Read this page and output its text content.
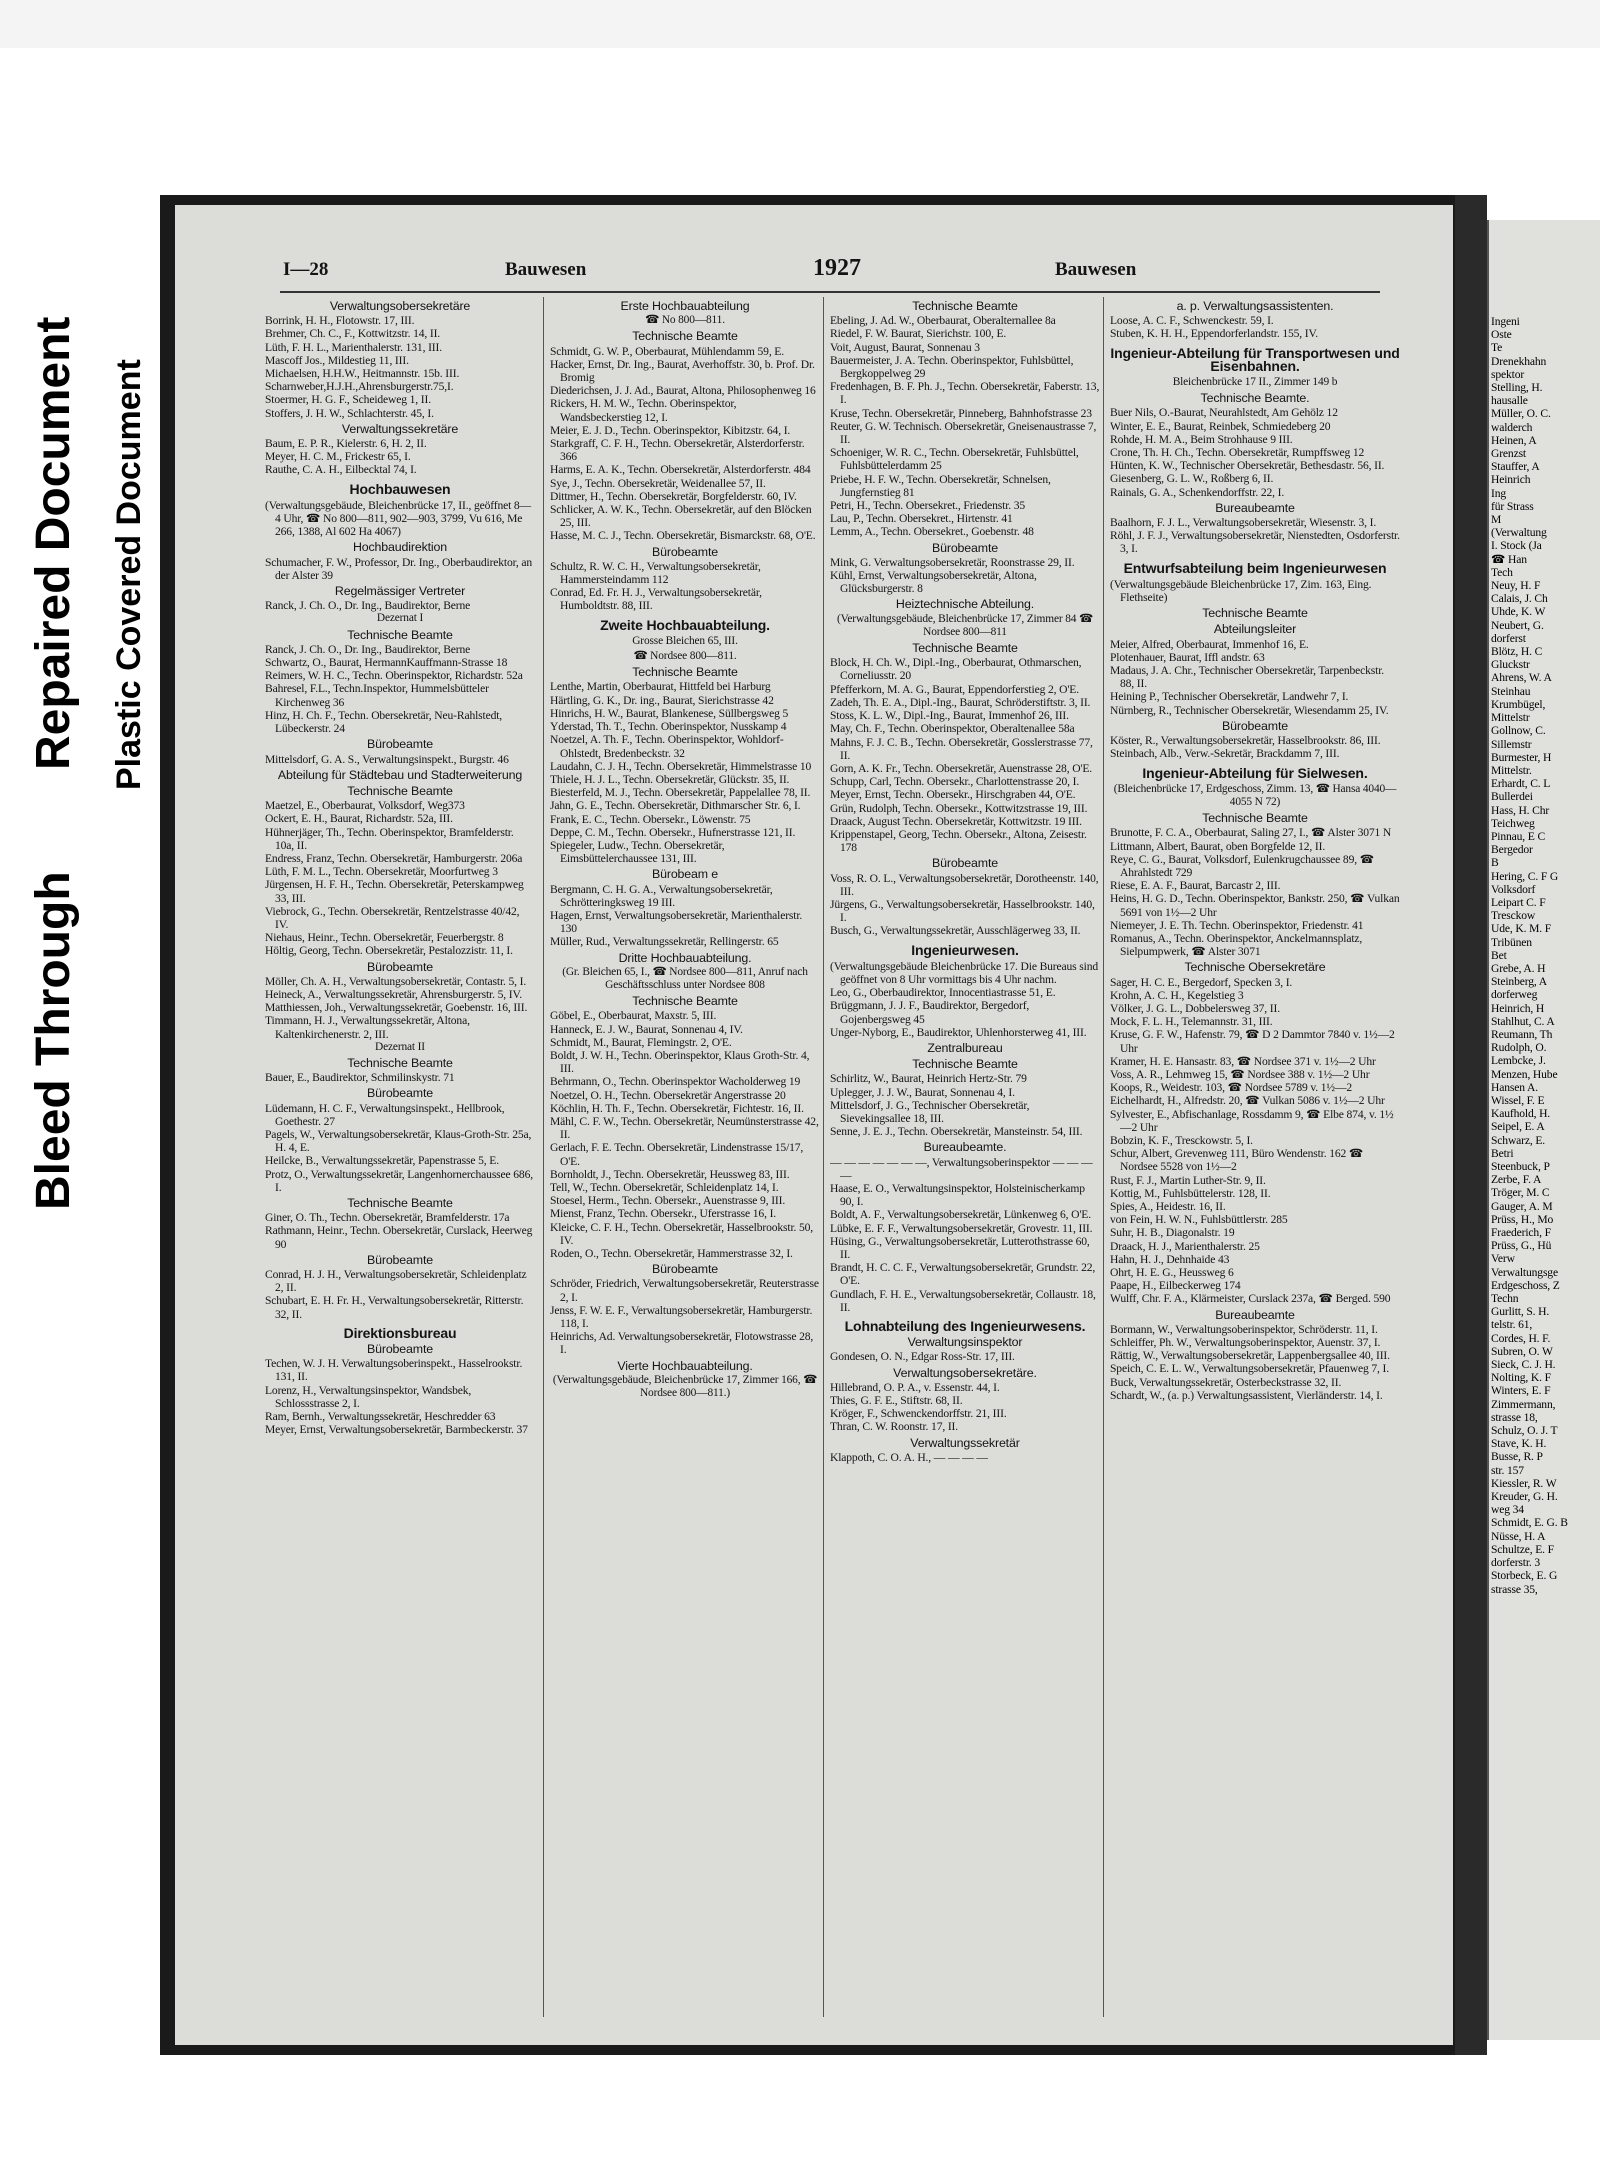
Bleed Through
Repaired Document Plastic Covered Document
I—28	Bauwesen	1927	Bauwesen
Verwaltungsobersekretäre
Borrink, H. H., Flotowstr. 17, III.
Brehmer, Ch. C., F., Kottwitzstr. 14, II.
Lüth, F. H. L., Marienthalerstr. 131, III.
Mascoff Jos., Mildestieg 11, III.
Michaelsen, H.H.W., Heitmannstr. 15b. III.
Scharnweber,H.J.H.,Ahrensburgerstr.75,I.
Stoermer, H. G. F., Scheideweg 1, II.
Stoffers, J. H. W., Schlachterstr. 45, I.
Verwaltungssekretäre
Baum, E. P. R., Kielerstr. 6, H. 2, II.
Meyer, H. C. M., Frickestr 65, I.
Rauthe, C. A. H., Eilbecktal 74, I.
Hochbauwesen
(Verwaltungsgebäude, Bleichenbrücke 17, II., geöffnet 8—4 Uhr, ☎ No 800—811, 902—903, 3799, Vu 616, Me 266, 1388, Al 602 Ha 4067)
Hochbaudirektion
Schumacher, F. W., Professor, Dr. Ing., Oberbaudirektor, an der Alster 39
Regelmässiger Vertreter
Ranck, J. Ch. O., Dr. Ing., Baudirektor, Berne
Dezernat I
Technische Beamte
Ranck, J. Ch. O., Dr. Ing., Baudirektor, Berne
Schwartz, O., Baurat, HermannKauffmann-Strasse 18
Reimers, W. H. C., Techn. Oberinspektor, Richardstr. 52a
Bahresel, F.L., Techn.Inspektor, Hummelsbütteler Kirchenweg 36
Hinz, H. Ch. F., Techn. Obersekretär, Neu-Rahlstedt, Lübeckerstr. 24
Bürobeamte
Mittelsdorf, G. A. S., Verwaltungsinspekt., Burgstr. 46
Abteilung für Städtebau und Stadterweiterung
Technische Beamte
Maetzel, E., Oberbaurat, Volksdorf, Weg373
Ockert, E. H., Baurat, Richardstr. 52a, III.
Hühnerjäger, Th., Techn. Oberinspektor, Bramfelderstr. 10a, II.
Endress, Franz, Techn. Obersekretär, Hamburgerstr. 206a
Lüth, F. M. L., Techn. Obersekretär, Moorfurtweg 3
Jürgensen, H. F. H., Techn. Obersekretär, Peterskampweg 33, III.
Viebrock, G., Techn. Obersekretär, Rentzelstrasse 40/42, IV.
Niehaus, Heinr., Techn. Obersekretär, Feuerbergstr. 8
Höltig, Georg, Techn. Obersekretär, Pestalozzistr. 11, I.
Bürobeamte
Möller, Ch. A. H., Verwaltungsobersekretär, Contastr. 5, I.
Heineck, A., Verwaltungssekretär, Ahrensburgerstr. 5, IV.
Matthiessen, Joh., Verwaltungssekretär, Goebenstr. 16, III.
Timmann, H. J., Verwaltungssekretär, Altona, Kaltenkirchenerstr. 2, III.
Dezernat II
Technische Beamte
Bauer, E., Baudirektor, Schmilinskystr. 71
Bürobeamte
Lüdemann, H. C. F., Verwaltungsinspekt., Hellbrook, Goethestr. 27
Pagels, W., Verwaltungsobersekretär, Klaus-Groth-Str. 25a, H. 4, E.
Heilcke, B., Verwaltungssekretär, Papenstrasse 5, E.
Protz, O., Verwaltungssekretär, Langenhornerchaussee 686, I.
Technische Beamte
Giner, O. Th., Techn. Obersekretär, Bramfelderstr. 17a
Rathmann, Heinr., Techn. Obersekretär, Curslack, Heerweg 90
Bürobeamte
Conrad, H. J. H., Verwaltungsobersekretär, Schleidenplatz 2, II.
Schubart, E. H. Fr. H., Verwaltungsobersekretär, Ritterstr. 32, II.
Direktionsbureau
Bürobeamte
Techen, W. J. H. Verwaltungsoberinspekt., Hasselrookstr. 131, II.
Lorenz, H., Verwaltungsinspektor, Wandsbek, Schlossstrasse 2, I.
Ram, Bernh., Verwaltungssekretär, Heschredder 63
Meyer, Ernst, Verwaltungsobersekretär, Barmbeckerstr. 37
Erste Hochbauabteilung
☎ No 800—811.
Technische Beamte
Schmidt, G. W. P., Oberbaurat, Mühlendamm 59, E.
Hacker, Ernst, Dr. Ing., Baurat, Averhoffstr. 30, b. Prof. Dr. Bromig
Diederichsen, J. J. Ad., Baurat, Altona, Philosophenweg 16
Rickers, H. M. W., Techn. Oberinspektor, Wandsbeckerstieg 12, I.
Meier, E. J. D., Techn. Oberinspektor, Kibitzstr. 64, I.
Starkgraff, C. F. H., Techn. Obersekretär, Alsterdorferstr. 366
Harms, E. A. K., Techn. Obersekretär, Alsterdorferstr. 484
Sye, J., Techn. Obersekretär, Weidenallee 57, II.
Dittmer, H., Techn. Obersekretär, Borgfelderstr. 60, IV.
Schlicker, A. W. K., Techn. Obersekretär, auf den Blöcken 25, III.
Hasse, M. C. J., Techn. Obersekretär, Bismarckstr. 68, O'E.
Bürobeamte
Schultz, R. W. C. H., Verwaltungsobersekretär, Hammersteindamm 112
Conrad, Ed. Fr. H. J., Verwaltungsobersekretär, Humboldtstr. 88, III.
Zweite Hochbauabteilung.
Grosse Bleichen 65, III.
☎ Nordsee 800—811.
Technische Beamte
Lenthe, Martin, Oberbaurat, Hittfeld bei Harburg
Härtling, G. K., Dr. ing., Baurat, Sierichstrasse 42
Hinrichs, H. W., Baurat, Blankenese, Süllbergsweg 5
Yderstad, Th. T., Techn. Oberinspektor, Nusskamp 4
Noetzel, A. Th. F., Techn. Oberinspektor, Wohldorf-Ohlstedt, Bredenbeckstr. 32
Laudahn, C. J. H., Techn. Obersekretär, Himmelstrasse 10
Thiele, H. J. L., Techn. Obersekretär, Glückstr. 35, II.
Biesterfeld, M. J., Techn. Obersekretär, Pappelallee 78, II.
Jahn, G. E., Techn. Obersekretär, Dithmarscher Str. 6, I.
Frank, E. C., Techn. Obersekr., Löwenstr. 75
Deppe, C. M., Techn. Obersekr., Hufnerstrasse 121, II.
Spiegeler, Ludw., Techn. Obersekretär, Eimsbüttelerchaussee 131, III.
Bürobeam e
Bergmann, C. H. G. A., Verwaltungsobersekretär, Schrötteringksweg 19 III.
Hagen, Ernst, Verwaltungsobersekretär, Marienthalerstr. 130
Müller, Rud., Verwaltungssekretär, Rellingerstr. 65
Dritte Hochbauabteilung.
(Gr. Bleichen 65, I., ☎ Nordsee 800—811, Anruf nach Geschäftsschluss unter Nordsee 808
Technische Beamte
Göbel, E., Oberbaurat, Maxstr. 5, III.
Hanneck, E. J. W., Baurat, Sonnenau 4, IV.
Schmidt, M., Baurat, Flemingstr. 2, O'E.
Boldt, J. W. H., Techn. Oberinspektor, Klaus Groth-Str. 4, III.
Behrmann, O., Techn. Oberinspektor Wacholderweg 19
Noetzel, O. H., Techn. Obersekretär Angerstrasse 20
Köchlin, H. Th. F., Techn. Obersekretär, Fichtestr. 16, II.
Mähl, C. F. W., Techn. Obersekretär, Neumünsterstrasse 42, II.
Gerlach, F. E. Techn. Obersekretär, Lindenstrasse 15/17, O'E.
Bornholdt, J., Techn. Obersekretär, Heussweg 83, III.
Tell, W., Techn. Obersekretär, Schleidenplatz 14, I.
Stoesel, Herm., Techn. Obersekr., Auenstrasse 9, III.
Mienst, Franz, Techn. Obersekr., Uferstrasse 16, I.
Kleicke, C. F. H., Techn. Obersekretär, Hasselbrookstr. 50, IV.
Roden, O., Techn. Obersekretär, Hammerstrasse 32, I.
Bürobeamte
Schröder, Friedrich, Verwaltungsobersekretär, Reuterstrasse 2, I.
Jenss, F. W. E. F., Verwaltungsobersekretär, Hamburgerstr. 118, I.
Heinrichs, Ad. Verwaltungsobersekretär, Flotowstrasse 28, I.
Vierte Hochbauabteilung.
(Verwaltungsgebäude, Bleichenbrücke 17, Zimmer 166, ☎ Nordsee 800—811.)
Technische Beamte
Ebeling, J. Ad. W., Oberbaurat, Oberalternallee 8a
Riedel, F. W. Baurat, Sierichstr. 100, E.
Voit, August, Baurat, Sonnenau 3
Bauermeister, J. A. Techn. Oberinspektor, Fuhlsbüttel, Bergkoppelweg 29
Fredenhagen, B. F. Ph. J., Techn. Obersekretär, Faberstr. 13, I.
Kruse, Techn. Obersekretär, Pinneberg, Bahnhofstrasse 23
Reuter, G. W. Technisch. Obersekretär, Gneisenaustrasse 7, II.
Schoeniger, W. R. C., Techn. Obersekretär, Fuhlsbüttel, Fuhlsbüttelerdamm 25
Priebe, H. F. W., Techn. Obersekretär, Schnelsen, Jungfernstieg 81
Petri, H., Techn. Obersekret., Friedenstr. 35
Lau, P., Techn. Obersekret., Hirtenstr. 41
Lemm, A., Techn. Obersekret., Goebenstr. 48
Bürobeamte
Mink, G. Verwaltungsobersekretär, Roonstrasse 29, II.
Kühl, Ernst, Verwaltungsobersekretär, Altona, Glücksburgerstr. 8
Heiztechnische Abteilung.
(Verwaltungsgebäude, Bleichenbrücke 17, Zimmer 84 ☎ Nordsee 800—811
Technische Beamte
Block, H. Ch. W., Dipl.-Ing., Oberbaurat, Othmarschen, Corneliusstr. 20
Pfefferkorn, M. A. G., Baurat, Eppendorferstieg 2, O'E.
Zadeh, Th. E. A., Dipl.-Ing., Baurat, Schröderstiftstr. 3, II.
Stoss, K. L. W., Dipl.-Ing., Baurat, Immenhof 26, III.
May, Ch. F., Techn. Oberinspektor, Oberaltenallee 58a
Mahns, F. J. C. B., Techn. Obersekretär, Gosslerstrasse 77, II.
Gorn, A. K. Fr., Techn. Obersekretär, Auenstrasse 28, O'E.
Schupp, Carl, Techn. Obersekr., Charlottenstrasse 20, I.
Meyer, Ernst, Techn. Obersekr., Hirschgraben 44, O'E.
Grün, Rudolph, Techn. Obersekr., Kottwitzstrasse 19, III.
Draack, August Techn. Obersekretär, Kottwitzstr. 19 III.
Krippenstapel, Georg, Techn. Obersekr., Altona, Zeisestr. 178
Bürobeamte
Voss, R. O. L., Verwaltungsobersekretär, Dorotheenstr. 140, III.
Jürgens, G., Verwaltungsobersekretär, Hasselbrookstr. 140, I.
Busch, G., Verwaltungssekretär, Ausschlägerweg 33, II.
Ingenieurwesen.
(Verwaltungsgebäude Bleichenbrücke 17. Die Bureaus sind geöffnet von 8 Uhr vormittags bis 4 Uhr nachm.
Leo, G., Oberbaudirektor, Innocentiastrasse 51, E.
Brüggmann, J. J. F., Baudirektor, Bergedorf, Gojenbergsweg 45
Unger-Nyborg, E., Baudirektor, Uhlenhorsterweg 41, III.
Zentralbureau
Technische Beamte
Schirlitz, W., Baurat, Heinrich Hertz-Str. 79
Uplegger, J. J. W., Baurat, Sonnenau 4, I.
Mittelsdorf, J. G., Technischer Obersekretär, Sievekingsallee 18, III.
Senne, J. E. J., Techn. Obersekretär, Mansteinstr. 54, III.
Bureaubeamte.
— — — — — — —, Verwaltungsoberinspektor — — — —
Haase, E. O., Verwaltungsinspektor, Holsteinischerkamp 90, I.
Boldt, A. F., Verwaltungsobersekretär, Lünkenweg 6, O'E.
Lübke, E. F. F., Verwaltungsobersekretär, Grovestr. 11, III.
Hüsing, G., Verwaltungsobersekretär, Lutterothstrasse 60, II.
Brandt, H. C. C. F., Verwaltungsobersekretär, Grundstr. 22, O'E.
Gundlach, F. H. E., Verwaltungsobersekretär, Collaustr. 18, II.
Lohnabteilung des Ingenieurwesens.
Verwaltungsinspektor
Gondesen, O. N., Edgar Ross-Str. 17, III.
Verwaltungsobersekretäre.
Hillebrand, O. P. A., v. Essenstr. 44, I.
Thies, G. F. E., Stiftstr. 68, II.
Kröger, F., Schwenckendorffstr. 21, III.
Thran, C. W. Roonstr. 17, II.
Verwaltungssekretär
Klappoth, C. O. A. H., — — — —
a. p. Verwaltungsassistenten.
Loose, A. C. F., Schwenckestr. 59, I.
Stuben, K. H. H., Eppendorferlandstr. 155, IV.
Ingenieur-Abteilung für Transportwesen und Eisenbahnen.
Bleichenbrücke 17 II., Zimmer 149 b
Technische Beamte.
Buer Nils, O.-Baurat, Neurahlstedt, Am Gehölz 12
Winter, E. E., Baurat, Reinbek, Schmiedeberg 20
Rohde, H. M. A., Beim Strohhause 9 III.
Crone, Th. H. Ch., Techn. Obersekretär, Rumpffsweg 12
Hünten, K. W., Technischer Obersekretär, Bethesdastr. 56, II.
Giesenberg, G. L. W., Roßberg 6, II.
Rainals, G. A., Schenkendorffstr. 22, I.
Bureaubeamte
Baalhorn, F. J. L., Verwaltungsobersekretär, Wiesenstr. 3, I.
Röhl, J. F. J., Verwaltungsobersekretär, Nienstedten, Osdorferstr. 3, I.
Entwurfsabteilung beim Ingenieurwesen
(Verwaltungsgebäude Bleichenbrücke 17, Zim. 163, Eing. Flethseite)
Technische Beamte
Abteilungsleiter
Meier, Alfred, Oberbaurat, Immenhof 16, E.
Plotenhauer, Baurat, Iffl andstr. 63
Madaus, J. A. Chr., Technischer Obersekretär, Tarpenbeckstr. 88, II.
Heining P., Technischer Obersekretär, Landwehr 7, I.
Nürnberg, R., Technischer Obersekretär, Wiesendamm 25, IV.
Bürobeamte
Köster, R., Verwaltungsobersekretär, Hasselbrookstr. 86, III.
Steinbach, Alb., Verw.-Sekretär, Brackdamm 7, III.
Ingenieur-Abteilung für Sielwesen.
(Bleichenbrücke 17, Erdgeschoss, Zimm. 13, ☎ Hansa 4040—4055 N 72)
Technische Beamte
Brunotte, F. C. A., Oberbaurat, Saling 27, I., ☎ Alster 3071 N
Littmann, Albert, Baurat, oben Borgfelde 12, II.
Reye, C. G., Baurat, Volksdorf, Eulenkrugchaussee 89, ☎ Ahrahlstedt 729
Riese, E. A. F., Baurat, Barcastr 2, III.
Heins, H. G. D., Techn. Oberinspektor, Bankstr. 250, ☎ Vulkan 5691 von 1½—2 Uhr
Niemeyer, J. E. Th. Techn. Oberinspektor, Friedenstr. 41
Romanus, A., Techn. Oberinspektor, Anckelmannsplatz, Sielpumpwerk, ☎ Alster 3071
Technische Obersekretäre
Sager, H. C. E., Bergedorf, Specken 3, I.
Krohn, A. C. H., Kegelstieg 3
Völker, J. G. L., Dobbelersweg 37, II.
Mock, F. L. H., Telemannstr. 31, III.
Kruse, G. F. W., Hafenstr. 79, ☎ D 2 Dammtor 7840 v. 1½—2 Uhr
Kramer, H. E. Hansastr. 83, ☎ Nordsee 371 v. 1½—2 Uhr
Voss, A. R., Lehmweg 15, ☎ Nordsee 388 v. 1½—2 Uhr
Koops, R., Weidestr. 103, ☎ Nordsee 5789 v. 1½—2
Eichelhardt, H., Alfredstr. 20, ☎ Vulkan 5086 v. 1½—2 Uhr
Sylvester, E., Abfischanlage, Rossdamm 9, ☎ Elbe 874, v. 1½—2 Uhr
Bobzin, K. F., Tresckowstr. 5, I.
Schur, Albert, Grevenweg 111, Büro Wendenstr. 162 ☎ Nordsee 5528 von 1½—2
Rust, F. J., Martin Luther-Str. 9, II.
Kottig, M., Fuhlsbüttelerstr. 128, II.
Spies, A., Heidestr. 16, II.
von Fein, H. W. N., Fuhlsbüttlerstr. 285
Suhr, H. B., Diagonalstr. 19
Draack, H. J., Marienthalerstr. 25
Hahn, H. J., Dehnhaide 43
Ohrt, H. E. G., Heussweg 6
Paape, H., Eilbeckerweg 174
Wulff, Chr. F. A., Klärmeister, Curslack 237a, ☎ Berged. 590
Bureaubeamte
Bormann, W., Verwaltungsoberinspektor, Schröderstr. 11, I.
Schleiffer, Ph. W., Verwaltungsoberinspektor, Auenstr. 37, I.
Rättig, W., Verwaltungsobersekretär, Lappenbergsallee 40, III.
Speich, C. E. L. W., Verwaltungsobersekretär, Pfauenweg 7, I.
Buck, Verwaltungssekretär, Osterbeckstrasse 32, II.
Schardt, W., (a. p.) Verwaltungsassistent, Vierländerstr. 14, I.
Ingeni
Oste
Te
Drenekhahn
spektor
Stelling, H.
hausalle
Müller, O. C.
walderch
Heinen, A
Grenzst
Stauffer, A
Heinrich
Ing
für Strass
M
(Verwaltung
I. Stock (Ja
☎ Han
Tech
Neuy, H. F
Calais, J. Ch
Uhde, K. W
Neubert, G.
dorferst
Blötz, H. C
Gluckstr
Ahrens, W. A
Steinhau
Krumbügel,
Mittelstr
Gollnow, C.
Sillemstr
Burmester, H
Mittelstr.
Erhardt, C. L
Bullerdei
Hass, H. Chr
Teichweg
Pinnau, E C
Bergedor
B
Hering, C. F G
Volksdorf
Leipart C. F
Tresckow
Ude, K. M. F
Tribünen
Bet
Grebe, A. H
Steinberg, A
dorferweg
Heinrich, H
Stahlhut, C. A
Reumann, Th
Rudolph, O.
Lembcke, J.
Menzen, Hube
Hansen A.
Wissel, F. E
Kaufhold, H.
Seipel, E. A
Schwarz, E.
Betri
Steenbuck, P
Zerbe, F. A
Tröger, M. C
Gauger, A. M
Prüss, H., Mo
Fraederich, F
Prüss, G., Hü
Verw
Verwaltungsge
Erdgeschoss, Z
Techn
Gurlitt, S. H.
telstr. 61,
Cordes, H. F.
Subren, O. W
Sieck, C. J. H.
Nolting, K. F
Winters, E. F
Zimmermann,
strasse 18,
Schulz, O. J. T
Stave, K. H.
Busse, R. P
str. 157
Kiessler, R. W
Kreuder, G. H.
weg 34
Schmidt, E. G. B
Nüsse, H. A
Schultze, E. F
dorferstr. 3
Storbeck, E. G
strasse 35,
